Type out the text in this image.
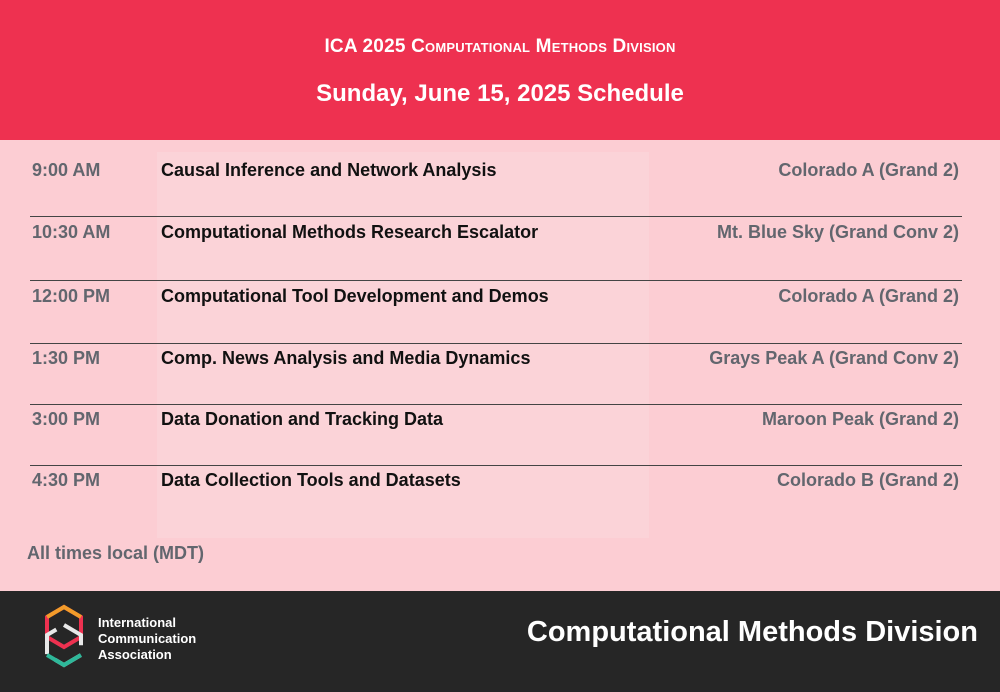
ICA 2025 Computational Methods Division
Sunday, June 15, 2025 Schedule
9:00 AM	Causal Inference and Network Analysis	Colorado A (Grand 2)
10:30 AM	Computational Methods Research Escalator	Mt. Blue Sky (Grand Conv 2)
12:00 PM	Computational Tool Development and Demos	Colorado A (Grand 2)
1:30 PM	Comp. News Analysis and Media Dynamics	Grays Peak A (Grand Conv 2)
3:00 PM	Data Donation and Tracking Data	Maroon Peak (Grand 2)
4:30 PM	Data Collection Tools and Datasets	Colorado B (Grand 2)
All times local (MDT)
International
Communication
Association
Computational Methods Division
